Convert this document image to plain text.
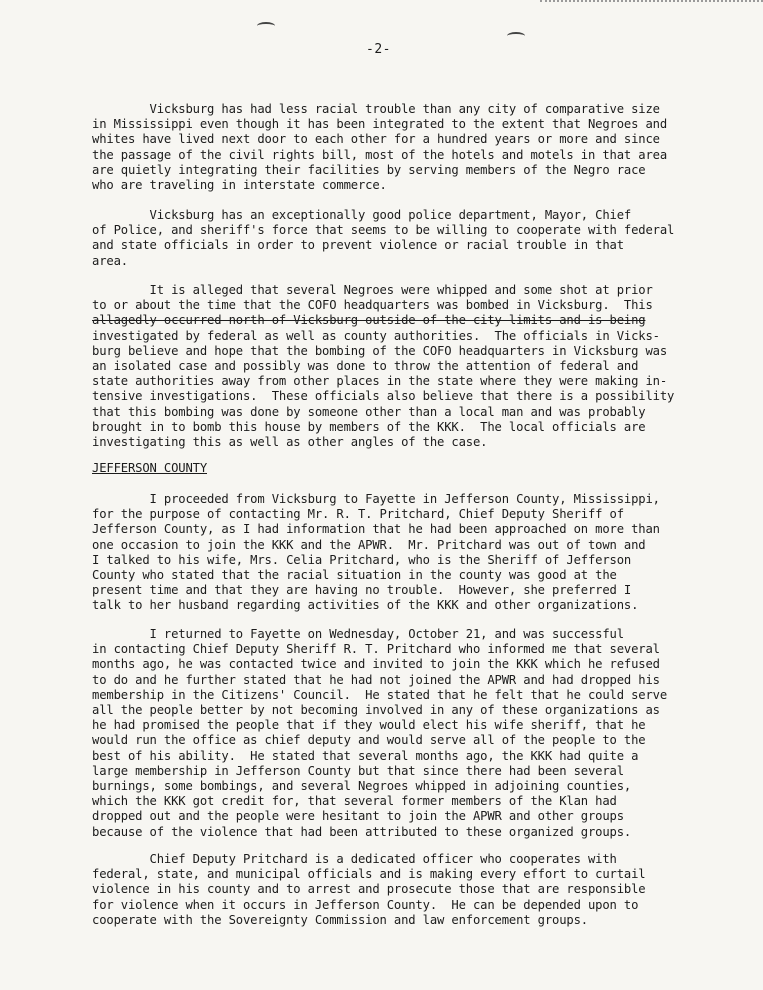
-2-

Vicksburg has had less racial trouble than any city of comparative size
in Mississippi even though it has been integrated to the extent that Negroes and
whites have lived next door to each other for a hundred years or more and since
the passage of the civil rights bill, most of the hotels and motels in that area
are quietly integrating their facilities by serving members of the Negro race
who are traveling in interstate commerce.

Vicksburg has an exceptionally good police department, Mayor, Chief
of Police, and sheriff's force that seems to be willing to cooperate with federal
and state officials in order to prevent violence or racial trouble in that
area.

It is alleged that several Negroes were whipped and some shot at prior
to or about the time that the COFO headquarters was bombed in Vicksburg.  This
allagedly occurred north of Vicksburg outside of the city limits and is being
investigated by federal as well as county authorities.  The officials in Vicks-
burg believe and hope that the bombing of the COFO headquarters in Vicksburg was
an isolated case and possibly was done to throw the attention of federal and
state authorities away from other places in the state where they were making in-
tensive investigations.  These officials also believe that there is a possibility
that this bombing was done by someone other than a local man and was probably
brought in to bomb this house by members of the KKK.  The local officials are
investigating this as well as other angles of the case.
JEFFERSON COUNTY

I proceeded from Vicksburg to Fayette in Jefferson County, Mississippi,
for the purpose of contacting Mr. R. T. Pritchard, Chief Deputy Sheriff of
Jefferson County, as I had information that he had been approached on more than
one occasion to join the KKK and the APWR.  Mr. Pritchard was out of town and
I talked to his wife, Mrs. Celia Pritchard, who is the Sheriff of Jefferson
County who stated that the racial situation in the county was good at the
present time and that they are having no trouble.  However, she preferred I
talk to her husband regarding activities of the KKK and other organizations.

I returned to Fayette on Wednesday, October 21, and was successful
in contacting Chief Deputy Sheriff R. T. Pritchard who informed me that several
months ago, he was contacted twice and invited to join the KKK which he refused
to do and he further stated that he had not joined the APWR and had dropped his
membership in the Citizens' Council.  He stated that he felt that he could serve
all the people better by not becoming involved in any of these organizations as
he had promised the people that if they would elect his wife sheriff, that he
would run the office as chief deputy and would serve all of the people to the
best of his ability.  He stated that several months ago, the KKK had quite a
large membership in Jefferson County but that since there had been several
burnings, some bombings, and several Negroes whipped in adjoining counties,
which the KKK got credit for, that several former members of the Klan had
dropped out and the people were hesitant to join the APWR and other groups
because of the violence that had been attributed to these organized groups.

Chief Deputy Pritchard is a dedicated officer who cooperates with
federal, state, and municipal officials and is making every effort to curtail
violence in his county and to arrest and prosecute those that are responsible
for violence when it occurs in Jefferson County.  He can be depended upon to
cooperate with the Sovereignty Commission and law enforcement groups.
